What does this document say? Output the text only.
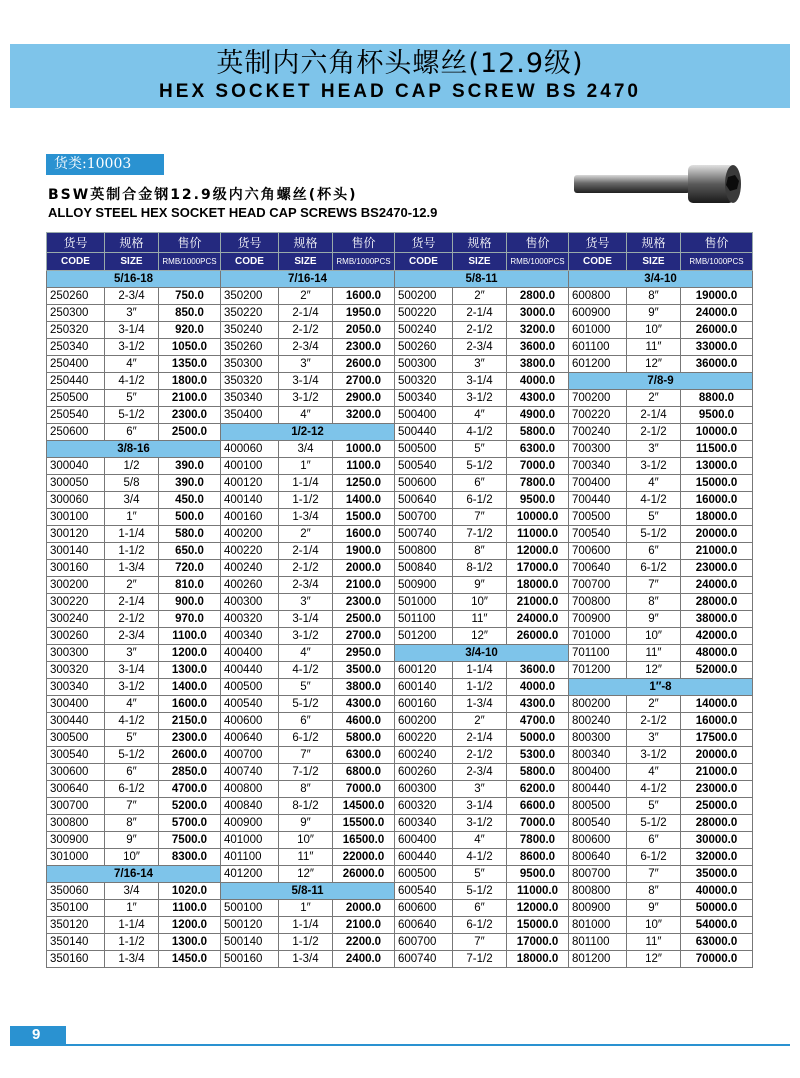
英制内六角杯头螺丝(12.9级)
HEX SOCKET HEAD CAP SCREW BS 2470
货类:10003
BSW英制合金钢12.9级内六角螺丝(杯头)
ALLOY STEEL HEX SOCKET HEAD CAP SCREWS BS2470-12.9
货号	规格	售价	货号	规格	售价	货号	规格	售价	货号	规格	售价
CODE	SIZE	RMB/1000PCS	CODE	SIZE	RMB/1000PCS	CODE	SIZE	RMB/1000PCS	CODE	SIZE	RMB/1000PCS
5/16-18			7/16-14			5/8-11			3/4-10		
250260	2-3/4	750.0	350200	2″	1600.0	500200	2″	2800.0	600800	8″	19000.0
250300	3″	850.0	350220	2-1/4	1950.0	500220	2-1/4	3000.0	600900	9″	24000.0
250320	3-1/4	920.0	350240	2-1/2	2050.0	500240	2-1/2	3200.0	601000	10″	26000.0
250340	3-1/2	1050.0	350260	2-3/4	2300.0	500260	2-3/4	3600.0	601100	11″	33000.0
250400	4″	1350.0	350300	3″	2600.0	500300	3″	3800.0	601200	12″	36000.0
250440	4-1/2	1800.0	350320	3-1/4	2700.0	500320	3-1/4	4000.0	7/8-9		
250500	5″	2100.0	350340	3-1/2	2900.0	500340	3-1/2	4300.0	700200	2″	8800.0
250540	5-1/2	2300.0	350400	4″	3200.0	500400	4″	4900.0	700220	2-1/4	9500.0
250600	6″	2500.0	1/2-12			500440	4-1/2	5800.0	700240	2-1/2	10000.0
3/8-16			400060	3/4	1000.0	500500	5″	6300.0	700300	3″	11500.0
300040	1/2	390.0	400100	1″	1100.0	500540	5-1/2	7000.0	700340	3-1/2	13000.0
300050	5/8	390.0	400120	1-1/4	1250.0	500600	6″	7800.0	700400	4″	15000.0
300060	3/4	450.0	400140	1-1/2	1400.0	500640	6-1/2	9500.0	700440	4-1/2	16000.0
300100	1″	500.0	400160	1-3/4	1500.0	500700	7″	10000.0	700500	5″	18000.0
300120	1-1/4	580.0	400200	2″	1600.0	500740	7-1/2	11000.0	700540	5-1/2	20000.0
300140	1-1/2	650.0	400220	2-1/4	1900.0	500800	8″	12000.0	700600	6″	21000.0
300160	1-3/4	720.0	400240	2-1/2	2000.0	500840	8-1/2	17000.0	700640	6-1/2	23000.0
300200	2″	810.0	400260	2-3/4	2100.0	500900	9″	18000.0	700700	7″	24000.0
300220	2-1/4	900.0	400300	3″	2300.0	501000	10″	21000.0	700800	8″	28000.0
300240	2-1/2	970.0	400320	3-1/4	2500.0	501100	11″	24000.0	700900	9″	38000.0
300260	2-3/4	1100.0	400340	3-1/2	2700.0	501200	12″	26000.0	701000	10″	42000.0
300300	3″	1200.0	400400	4″	2950.0	3/4-10			701100	11″	48000.0
300320	3-1/4	1300.0	400440	4-1/2	3500.0	600120	1-1/4	3600.0	701200	12″	52000.0
300340	3-1/2	1400.0	400500	5″	3800.0	600140	1-1/2	4000.0	1″-8		
300400	4″	1600.0	400540	5-1/2	4300.0	600160	1-3/4	4300.0	800200	2″	14000.0
300440	4-1/2	2150.0	400600	6″	4600.0	600200	2″	4700.0	800240	2-1/2	16000.0
300500	5″	2300.0	400640	6-1/2	5800.0	600220	2-1/4	5000.0	800300	3″	17500.0
300540	5-1/2	2600.0	400700	7″	6300.0	600240	2-1/2	5300.0	800340	3-1/2	20000.0
300600	6″	2850.0	400740	7-1/2	6800.0	600260	2-3/4	5800.0	800400	4″	21000.0
300640	6-1/2	4700.0	400800	8″	7000.0	600300	3″	6200.0	800440	4-1/2	23000.0
300700	7″	5200.0	400840	8-1/2	14500.0	600320	3-1/4	6600.0	800500	5″	25000.0
300800	8″	5700.0	400900	9″	15500.0	600340	3-1/2	7000.0	800540	5-1/2	28000.0
300900	9″	7500.0	401000	10″	16500.0	600400	4″	7800.0	800600	6″	30000.0
301000	10″	8300.0	401100	11″	22000.0	600440	4-1/2	8600.0	800640	6-1/2	32000.0
7/16-14			401200	12″	26000.0	600500	5″	9500.0	800700	7″	35000.0
350060	3/4	1020.0	5/8-11			600540	5-1/2	11000.0	800800	8″	40000.0
350100	1″	1100.0	500100	1″	2000.0	600600	6″	12000.0	800900	9″	50000.0
350120	1-1/4	1200.0	500120	1-1/4	2100.0	600640	6-1/2	15000.0	801000	10″	54000.0
350140	1-1/2	1300.0	500140	1-1/2	2200.0	600700	7″	17000.0	801100	11″	63000.0
350160	1-3/4	1450.0	500160	1-3/4	2400.0	600740	7-1/2	18000.0	801200	12″	70000.0
9
